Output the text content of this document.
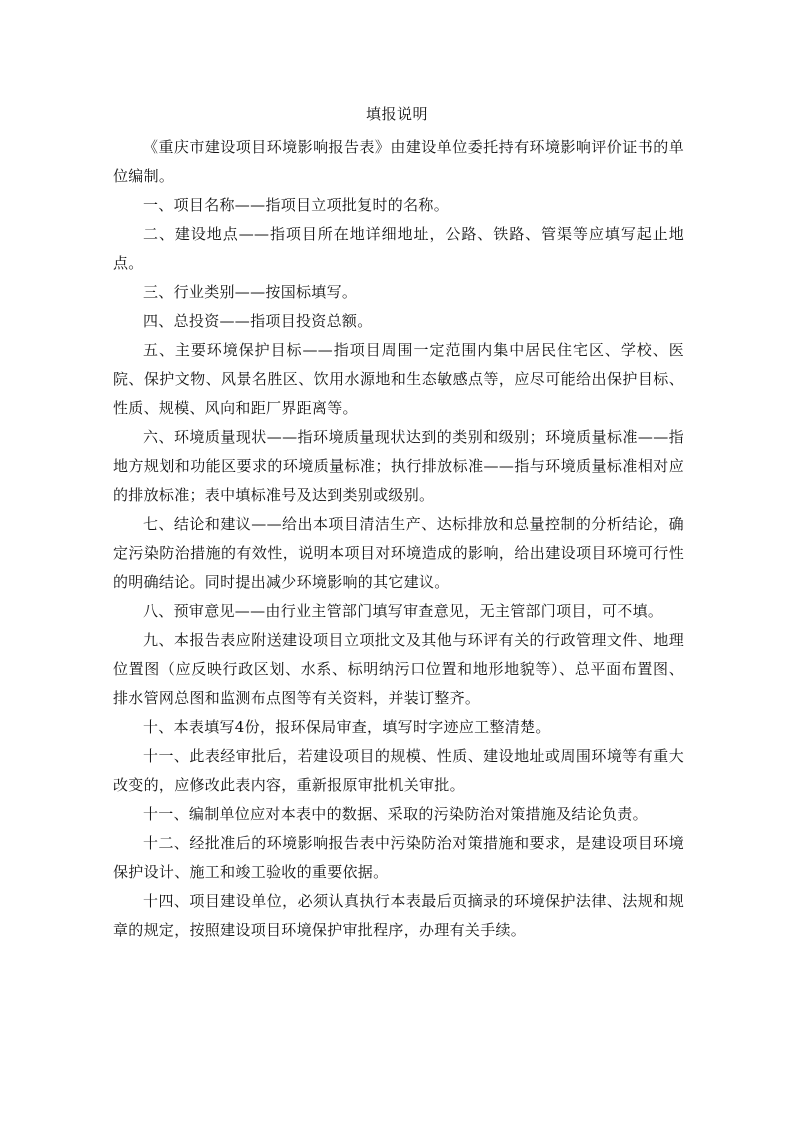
填报说明

《重庆市建设项目环境影响报告表》由建设单位委托持有环境影响评价证书的单位编制。

一、项目名称——指项目立项批复时的名称。

二、建设地点——指项目所在地详细地址，公路、铁路、管渠等应填写起止地点。

三、行业类别——按国标填写。

四、总投资——指项目投资总额。

五、主要环境保护目标——指项目周围一定范围内集中居民住宅区、学校、医院、保护文物、风景名胜区、饮用水源地和生态敏感点等，应尽可能给出保护目标、性质、规模、风向和距厂界距离等。

六、环境质量现状——指环境质量现状达到的类别和级别；环境质量标准——指地方规划和功能区要求的环境质量标准；执行排放标准——指与环境质量标准相对应的排放标准；表中填标准号及达到类别或级别。

七、结论和建议——给出本项目清洁生产、达标排放和总量控制的分析结论，确定污染防治措施的有效性，说明本项目对环境造成的影响，给出建设项目环境可行性的明确结论。同时提出减少环境影响的其它建议。

八、预审意见——由行业主管部门填写审查意见，无主管部门项目，可不填。

九、本报告表应附送建设项目立项批文及其他与环评有关的行政管理文件、地理位置图（应反映行政区划、水系、标明纳污口位置和地形地貌等）、总平面布置图、排水管网总图和监测布点图等有关资料，并装订整齐。

十、本表填写4份，报环保局审查，填写时字迹应工整清楚。

十一、此表经审批后，若建设项目的规模、性质、建设地址或周围环境等有重大改变的，应修改此表内容，重新报原审批机关审批。

十一、编制单位应对本表中的数据、采取的污染防治对策措施及结论负责。

十二、经批准后的环境影响报告表中污染防治对策措施和要求，是建设项目环境保护设计、施工和竣工验收的重要依据。

十四、项目建设单位，必须认真执行本表最后页摘录的环境保护法律、法规和规章的规定，按照建设项目环境保护审批程序，办理有关手续。
